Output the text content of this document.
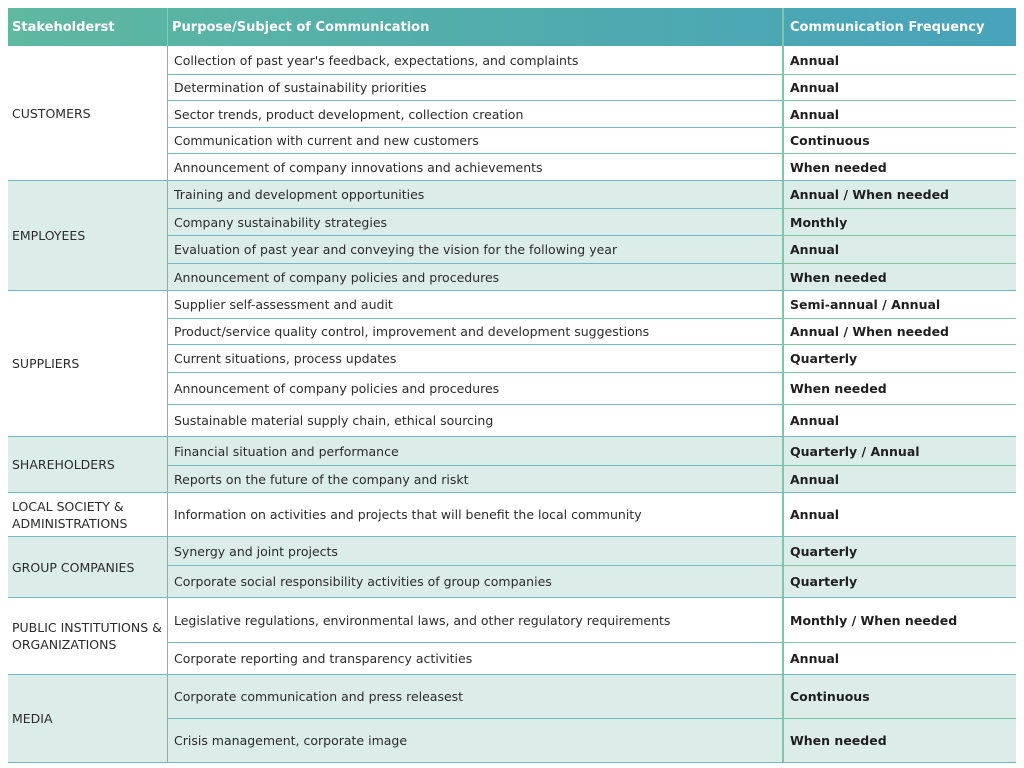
Stakeholderst	Purpose/Subject of Communication	Communication Frequency
CUSTOMERS
Collection of past year's feedback, expectations, and complaints	Annual
Determination of sustainability priorities	Annual
Sector trends, product development, collection creation	Annual
Communication with current and new customers	Continuous
Announcement of company innovations and achievements	When needed
EMPLOYEES
Training and development opportunities	Annual / When needed
Company sustainability strategies	Monthly
Evaluation of past year and conveying the vision for the following year	Annual
Announcement of company policies and procedures	When needed
SUPPLIERS
Supplier self-assessment and audit	Semi-annual / Annual
Product/service quality control, improvement and development suggestions	Annual / When needed
Current situations, process updates	Quarterly
Announcement of company policies and procedures	When needed
Sustainable material supply chain, ethical sourcing	Annual
SHAREHOLDERS
Financial situation and performance	Quarterly / Annual
Reports on the future of the company and riskt	Annual
LOCAL SOCIETY & ADMINISTRATIONS
Information on activities and projects that will benefit the local community	Annual
GROUP COMPANIES
Synergy and joint projects	Quarterly
Corporate social responsibility activities of group companies	Quarterly
PUBLIC INSTITUTIONS & ORGANIZATIONS
Legislative regulations, environmental laws, and other regulatory requirements	Monthly / When needed
Corporate reporting and transparency activities	Annual
MEDIA
Corporate communication and press releasest	Continuous
Crisis management, corporate image	When needed
